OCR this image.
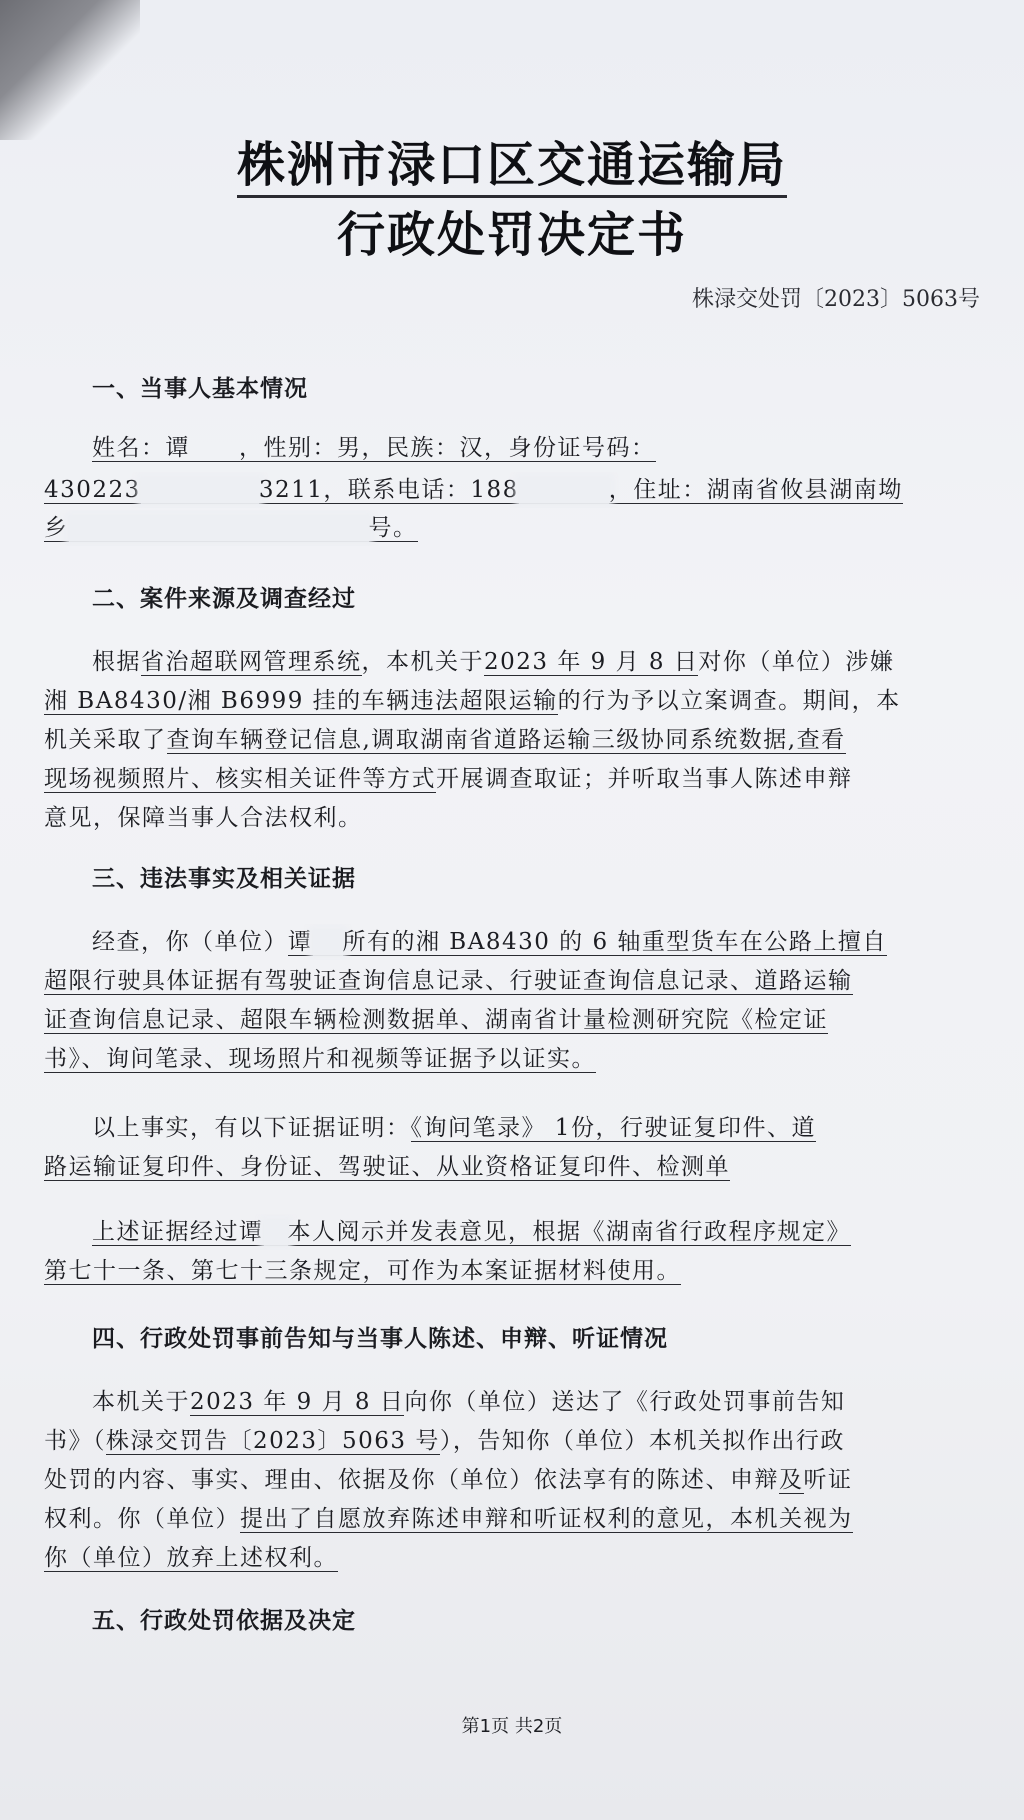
株洲市渌口区交通运输局
行政处罚决定书
株渌交处罚〔2023〕5063号
一、当事人基本情况
姓名：谭　　，性别：男，民族：汉，身份证号码：
430223	3211，联系电话：188	，住址：湖南省攸县湖南坳
乡	号。
二、案件来源及调查经过
根据省治超联网管理系统，本机关于2023 年 9 月 8 日对你（单位）涉嫌
湘 BA8430/湘 B6999 挂的车辆违法超限运输的行为予以立案调查。期间，本
机关采取了查询车辆登记信息,调取湖南省道路运输三级协同系统数据,查看
现场视频照片、核实相关证件等方式开展调查取证；并听取当事人陈述申辩
意见，保障当事人合法权利。
三、违法事实及相关证据
经查，你（单位）谭 所有的湘 BA8430 的 6 轴重型货车在公路上擅自
超限行驶具体证据有驾驶证查询信息记录、行驶证查询信息记录、道路运输
证查询信息记录、超限车辆检测数据单、湖南省计量检测研究院《检定证
书》、询问笔录、现场照片和视频等证据予以证实。
以上事实，有以下证据证明：《询问笔录》 1份，行驶证复印件、道
路运输证复印件、身份证、驾驶证、从业资格证复印件、检测单
上述证据经过谭 本人阅示并发表意见，根据《湖南省行政程序规定》
第七十一条、第七十三条规定，可作为本案证据材料使用。
四、行政处罚事前告知与当事人陈述、申辩、听证情况
本机关于2023 年 9 月 8 日向你（单位）送达了《行政处罚事前告知
书》（株渌交罚告〔2023〕5063 号），告知你（单位）本机关拟作出行政
处罚的内容、事实、理由、依据及你（单位）依法享有的陈述、申辩及听证
权利。你（单位）提出了自愿放弃陈述申辩和听证权利的意见，本机关视为
你（单位）放弃上述权利。
五、行政处罚依据及决定
第1页 共2页
